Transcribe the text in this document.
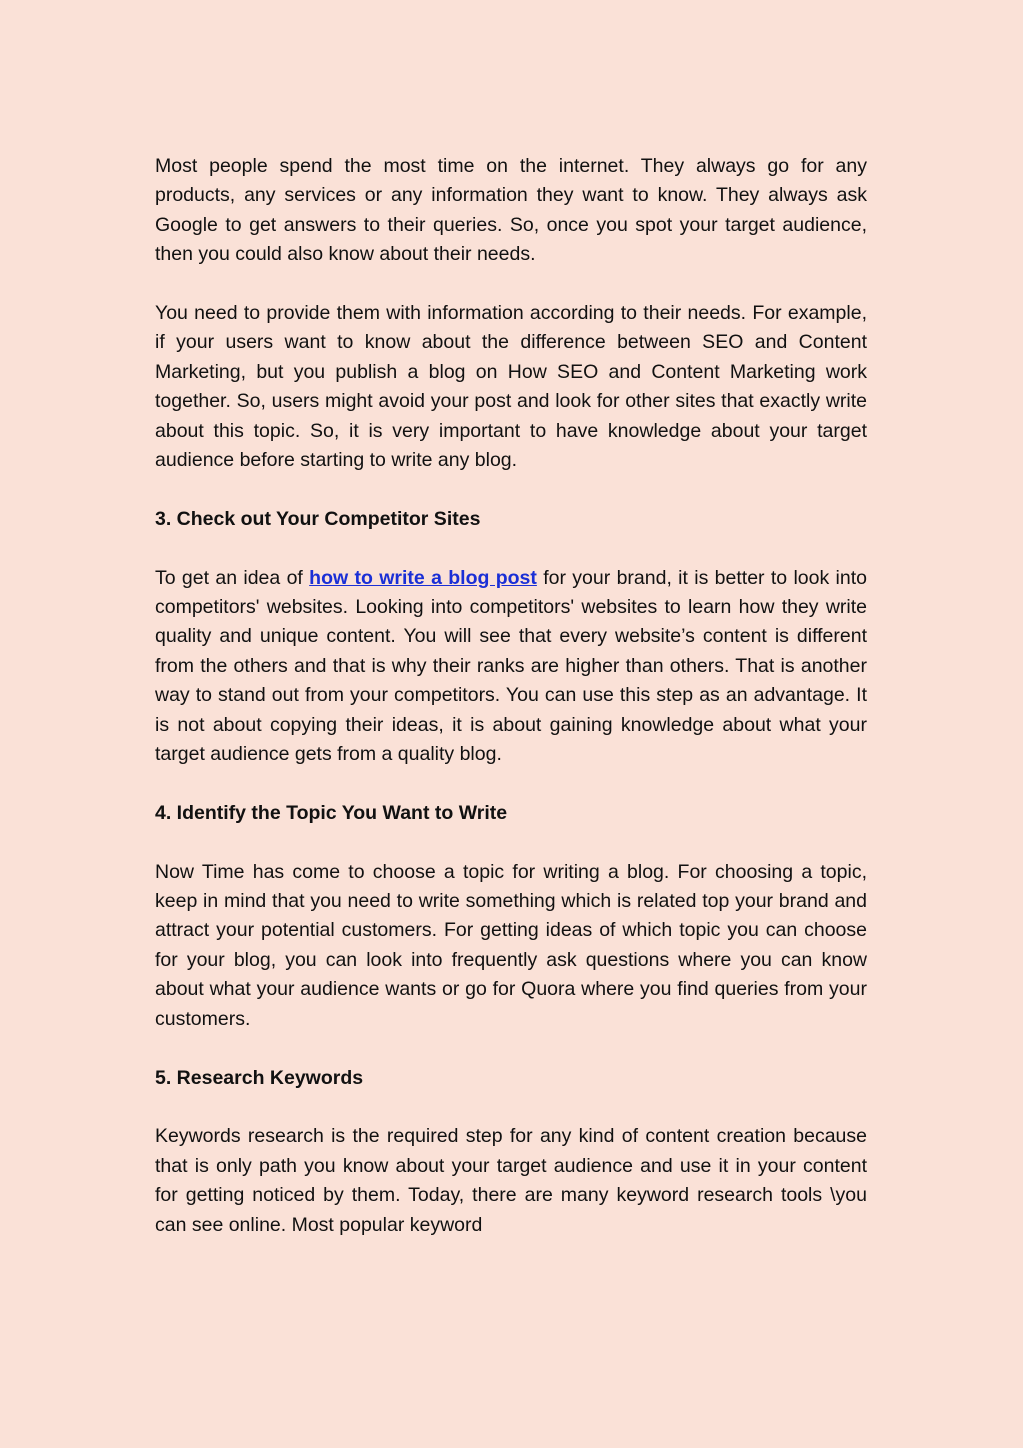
Most people spend the most time on the internet. They always go for any products, any services or any information they want to know. They always ask Google to get answers to their queries. So, once you spot your target audience, then you could also know about their needs.

You need to provide them with information according to their needs. For example, if your users want to know about the difference between SEO and Content Marketing, but you publish a blog on How SEO and Content Marketing work together. So, users might avoid your post and look for other sites that exactly write about this topic. So, it is very important to have knowledge about your target audience before starting to write any blog.

3. Check out Your Competitor Sites

To get an idea of how to write a blog post for your brand, it is better to look into competitors' websites. Looking into competitors' websites to learn how they write quality and unique content. You will see that every website’s content is different from the others and that is why their ranks are higher than others. That is another way to stand out from your competitors. You can use this step as an advantage. It is not about copying their ideas, it is about gaining knowledge about what your target audience gets from a quality blog.

4. Identify the Topic You Want to Write

Now Time has come to choose a topic for writing a blog. For choosing a topic, keep in mind that you need to write something which is related top your brand and attract your potential customers. For getting ideas of which topic you can choose for your blog, you can look into frequently ask questions where you can know about what your audience wants or go for Quora where you find queries from your customers.

5. Research Keywords

Keywords research is the required step for any kind of content creation because that is only path you know about your target audience and use it in your content for getting noticed by them. Today, there are many keyword research tools \you can see online. Most popular keyword
